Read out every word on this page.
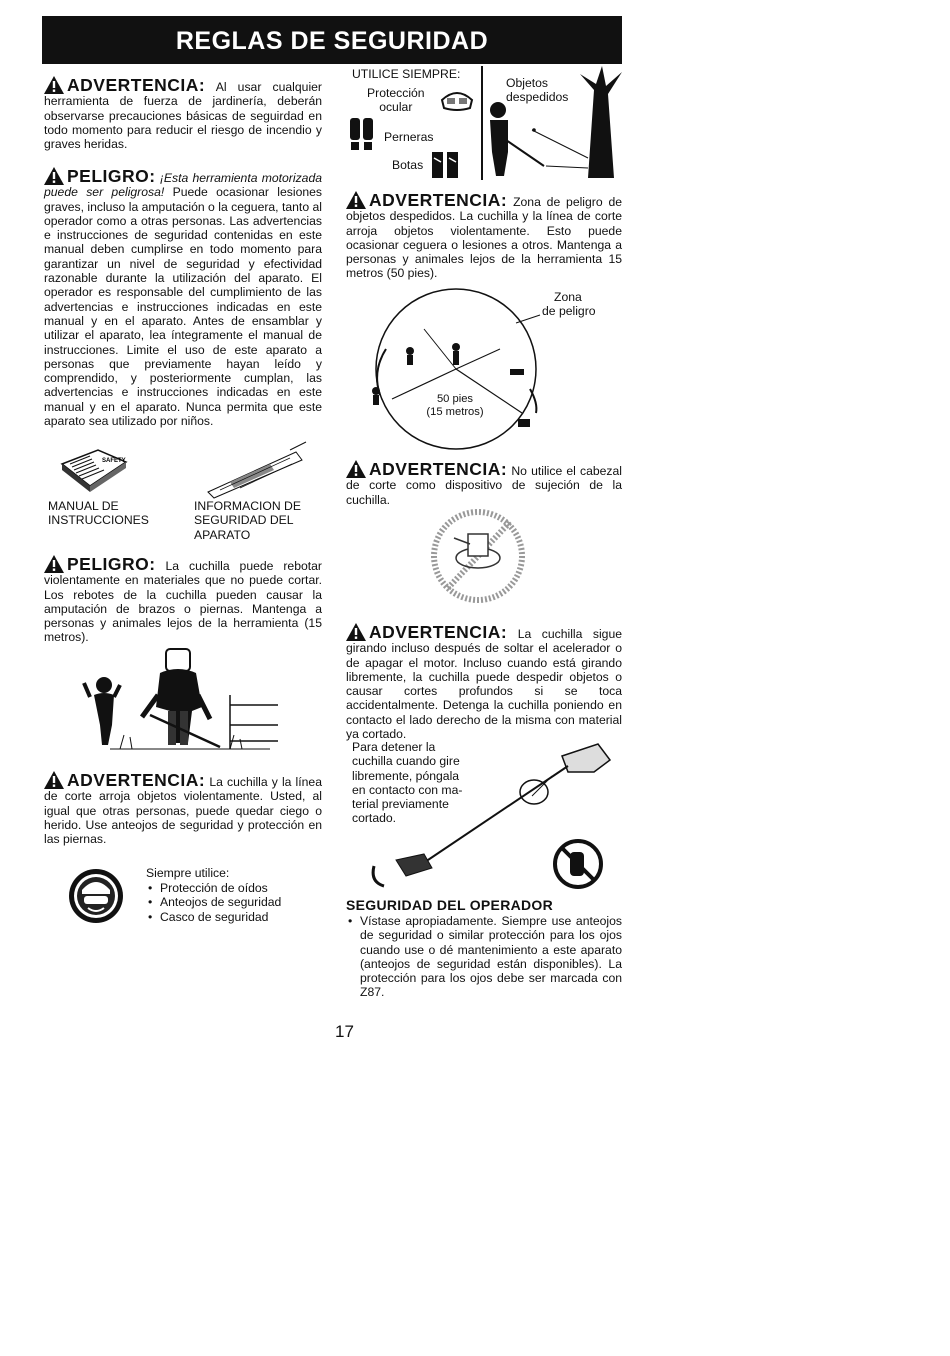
REGLAS DE SEGURIDAD
ADVERTENCIA: Al usar cualquier herramienta de fuerza de jardinería, deberán observarse precauciones básicas de seguirdad en todo momento para reducir el riesgo de incendio y graves heridas.
PELIGRO: ¡Esta herramienta motorizada puede ser peligrosa! Puede ocasionar lesiones graves, incluso la amputación o la ceguera, tanto al operador como a otras personas. Las advertencias e instrucciones de seguridad contenidas en este manual deben cumplirse en todo momento para garantizar un nivel de seguridad y efectividad razonable durante la utilización del aparato. El operador es responsable del cumplimiento de las advertencias e instrucciones indicadas en este manual y en el aparato. Antes de ensamblar y utilizar el aparato, lea íntegramente el manual de instrucciones. Limite el uso de este aparato a personas que previamente hayan leído y comprendido, y posteriormente cumplan, las advertencias e instrucciones indicadas en este manual y en el aparato. Nunca permita que este aparato sea utilizado por niños.
SAFETY
MANUAL DE
INSTRUCCIONES
INFORMACION DE
SEGURIDAD DEL
APARATO
PELIGRO: La cuchilla puede rebotar violentamente en materiales que no puede cortar. Los rebotes de la cuchilla pueden causar la amputación de brazos o piernas. Mantenga a personas y animales lejos de la herramienta (15 metros).
ADVERTENCIA: La cuchilla y la línea de corte arroja objetos violentamente. Usted, al igual que otras personas, puede quedar ciego o herido. Use anteojos de seguridad y protección en las piernas.
Siempre utilice:
• Protección de oídos
• Anteojos de seguridad
• Casco de seguridad
UTILICE SIEMPRE:
Protección
ocular
Perneras
Botas
Objetos
despedidos
ADVERTENCIA: Zona de peligro de objetos despedidos. La cuchilla y la línea de corte arroja objetos violentamente. Esto puede ocasionar ceguera o lesiones a otros. Mantenga a personas y animales lejos de la herramienta 15 metros (50 pies).
Zona
de peligro
50 pies
(15 metros)
ADVERTENCIA: No utilice el cabezal de corte como dispositivo de sujeción de la cuchilla.
ADVERTENCIA: La cuchilla sigue girando incluso después de soltar el acelerador o de apagar el motor. Incluso cuando está girando libremente, la cuchilla puede despedir objetos o causar cortes profundos si se toca accidentalmente. Detenga la cuchilla poniendo en contacto el lado derecho de la misma con material ya cortado.
Para detener la
cuchilla cuando gire
libremente, póngala
en contacto con ma-
terial previamente
cortado.
SEGURIDAD DEL OPERADOR
• Vístase apropiadamente. Siempre use anteojos de seguridad o similar protección para los ojos cuando use o dé mantenimiento a este aparato (anteojos de seguridad están disponibles). La protección para los ojos debe ser marcada con Z87.
17
